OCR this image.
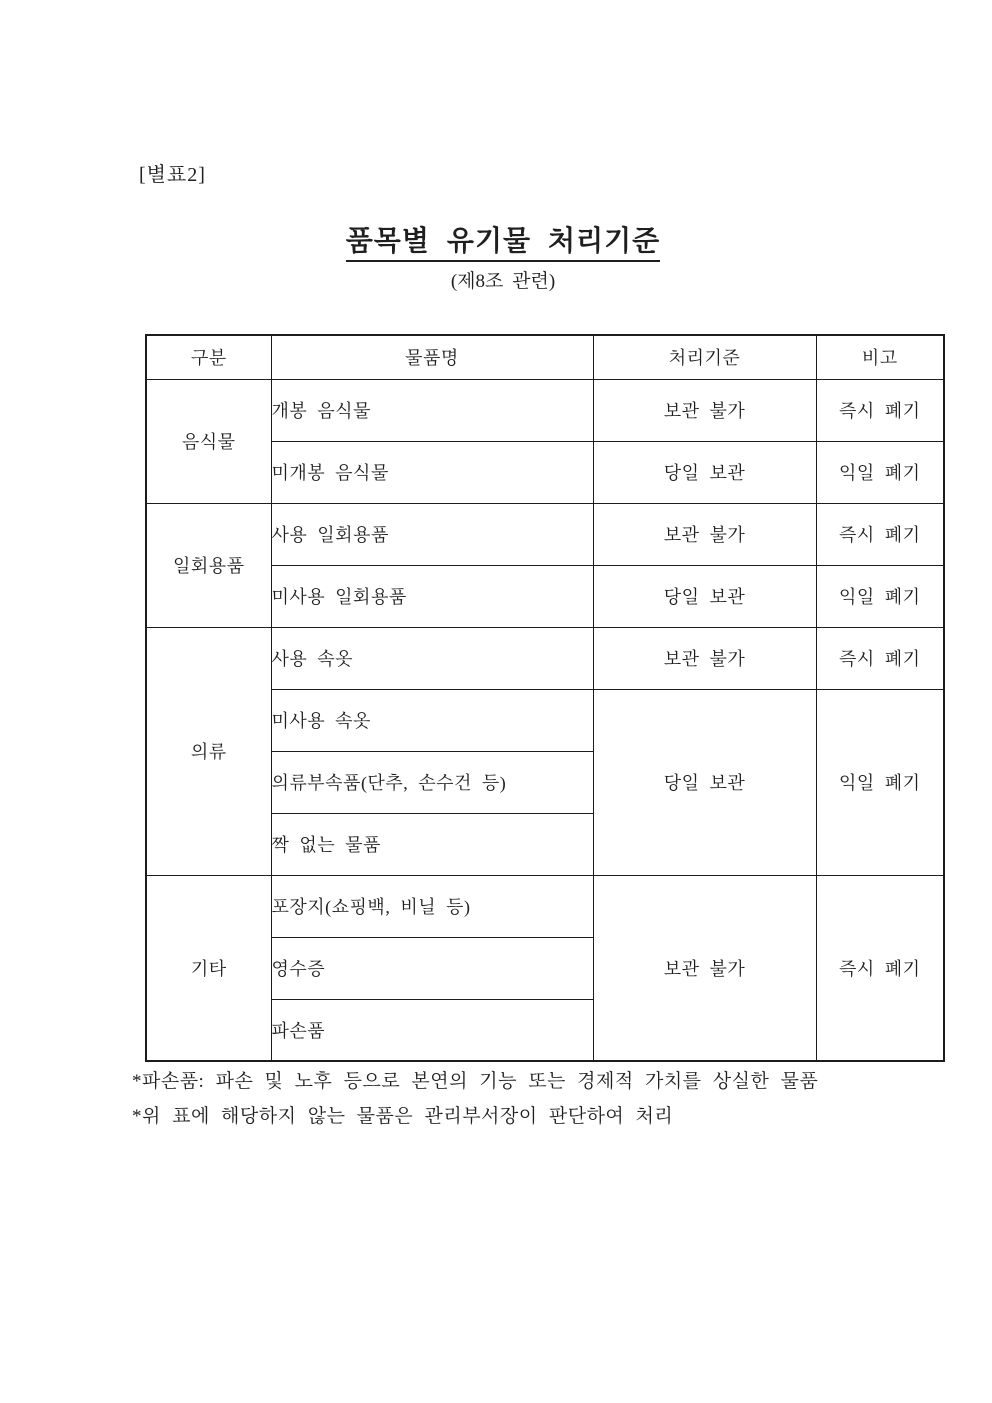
[별표2]
품목별 유기물 처리기준
(제8조 관련)
구분	물품명	처리기준	비고
음식물	개봉 음식물	보관 불가	즉시 폐기
	미개봉 음식물	당일 보관	익일 폐기
일회용품	사용 일회용품	보관 불가	즉시 폐기
	미사용 일회용품	당일 보관	익일 폐기
의류	사용 속옷	보관 불가	즉시 폐기
	미사용 속옷	당일 보관	익일 폐기
	의류부속품(단추, 손수건 등)		
	짝 없는 물품		
기타	포장지(쇼핑백, 비닐 등)	보관 불가	즉시 폐기
	영수증		
	파손품		
*파손품: 파손 및 노후 등으로 본연의 기능 또는 경제적 가치를 상실한 물품
*위 표에 해당하지 않는 물품은 관리부서장이 판단하여 처리
